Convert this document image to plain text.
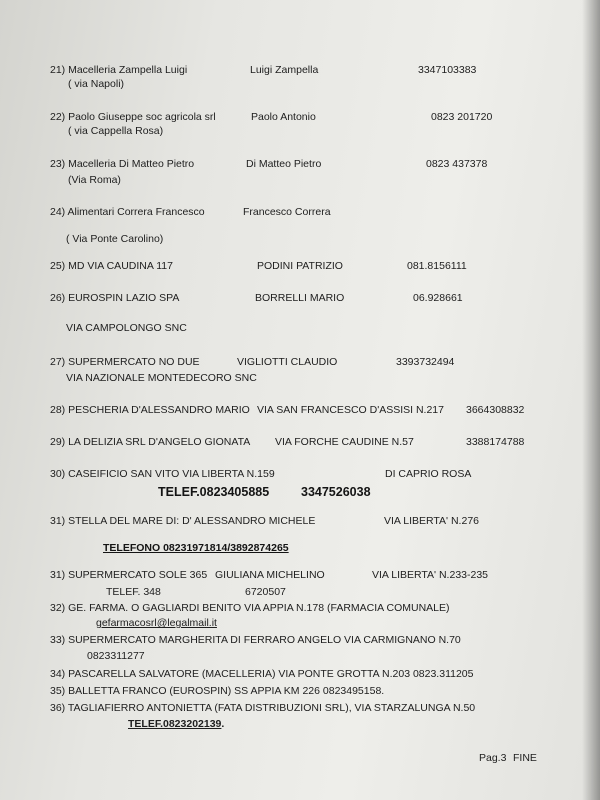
21) Macelleria Zampella Luigi
( via Napoli)
Luigi Zampella	3347103383
22) Paolo Giuseppe soc agricola srl
( via Cappella Rosa)
Paolo Antonio	0823 201720
23) Macelleria Di Matteo Pietro
(Via Roma)
Di Matteo Pietro	0823 437378
24) Alimentari Correra Francesco
( Via Ponte Carolino)
Francesco Correra
25) MD VIA CAUDINA 117	PODINI PATRIZIO	081.8156111
26) EUROSPIN LAZIO SPA
VIA CAMPOLONGO SNC
BORRELLI MARIO	06.928661
27) SUPERMERCATO NO DUE
VIA NAZIONALE MONTEDECORO SNC
VIGLIOTTI CLAUDIO	3393732494
28) PESCHERIA D'ALESSANDRO MARIO VIA SAN FRANCESCO D'ASSISI N.217 3664308832
29) LA DELIZIA SRL D'ANGELO GIONATA VIA FORCHE CAUDINE N.57	3388174788
30) CASEIFICIO SAN VITO VIA LIBERTA N.159	DI CAPRIO ROSA
TELEF.0823405885	3347526038
31) STELLA DEL MARE DI: D' ALESSANDRO MICHELE	VIA LIBERTA' N.276
TELEFONO 08231971814/3892874265
31) SUPERMERCATO SOLE 365 GIULIANA MICHELINO	VIA LIBERTA' N.233-235
TELEF. 348	6720507
32) GE. FARMA. O GAGLIARDI BENITO VIA APPIA N.178 (FARMACIA COMUNALE)
gefarmacosrl@legalmail.it
33) SUPERMERCATO MARGHERITA DI FERRARO ANGELO VIA CARMIGNANO N.70
0823311277
34) PASCARELLA SALVATORE (MACELLERIA) VIA PONTE GROTTA N.203 0823.311205
35) BALLETTA FRANCO (EUROSPIN) SS APPIA KM 226 0823495158.
36) TAGLIAFIERRO ANTONIETTA (FATA DISTRIBUZIONI SRL), VIA STARZALUNGA N.50
TELEF.0823202139.
Pag.3 FINE
